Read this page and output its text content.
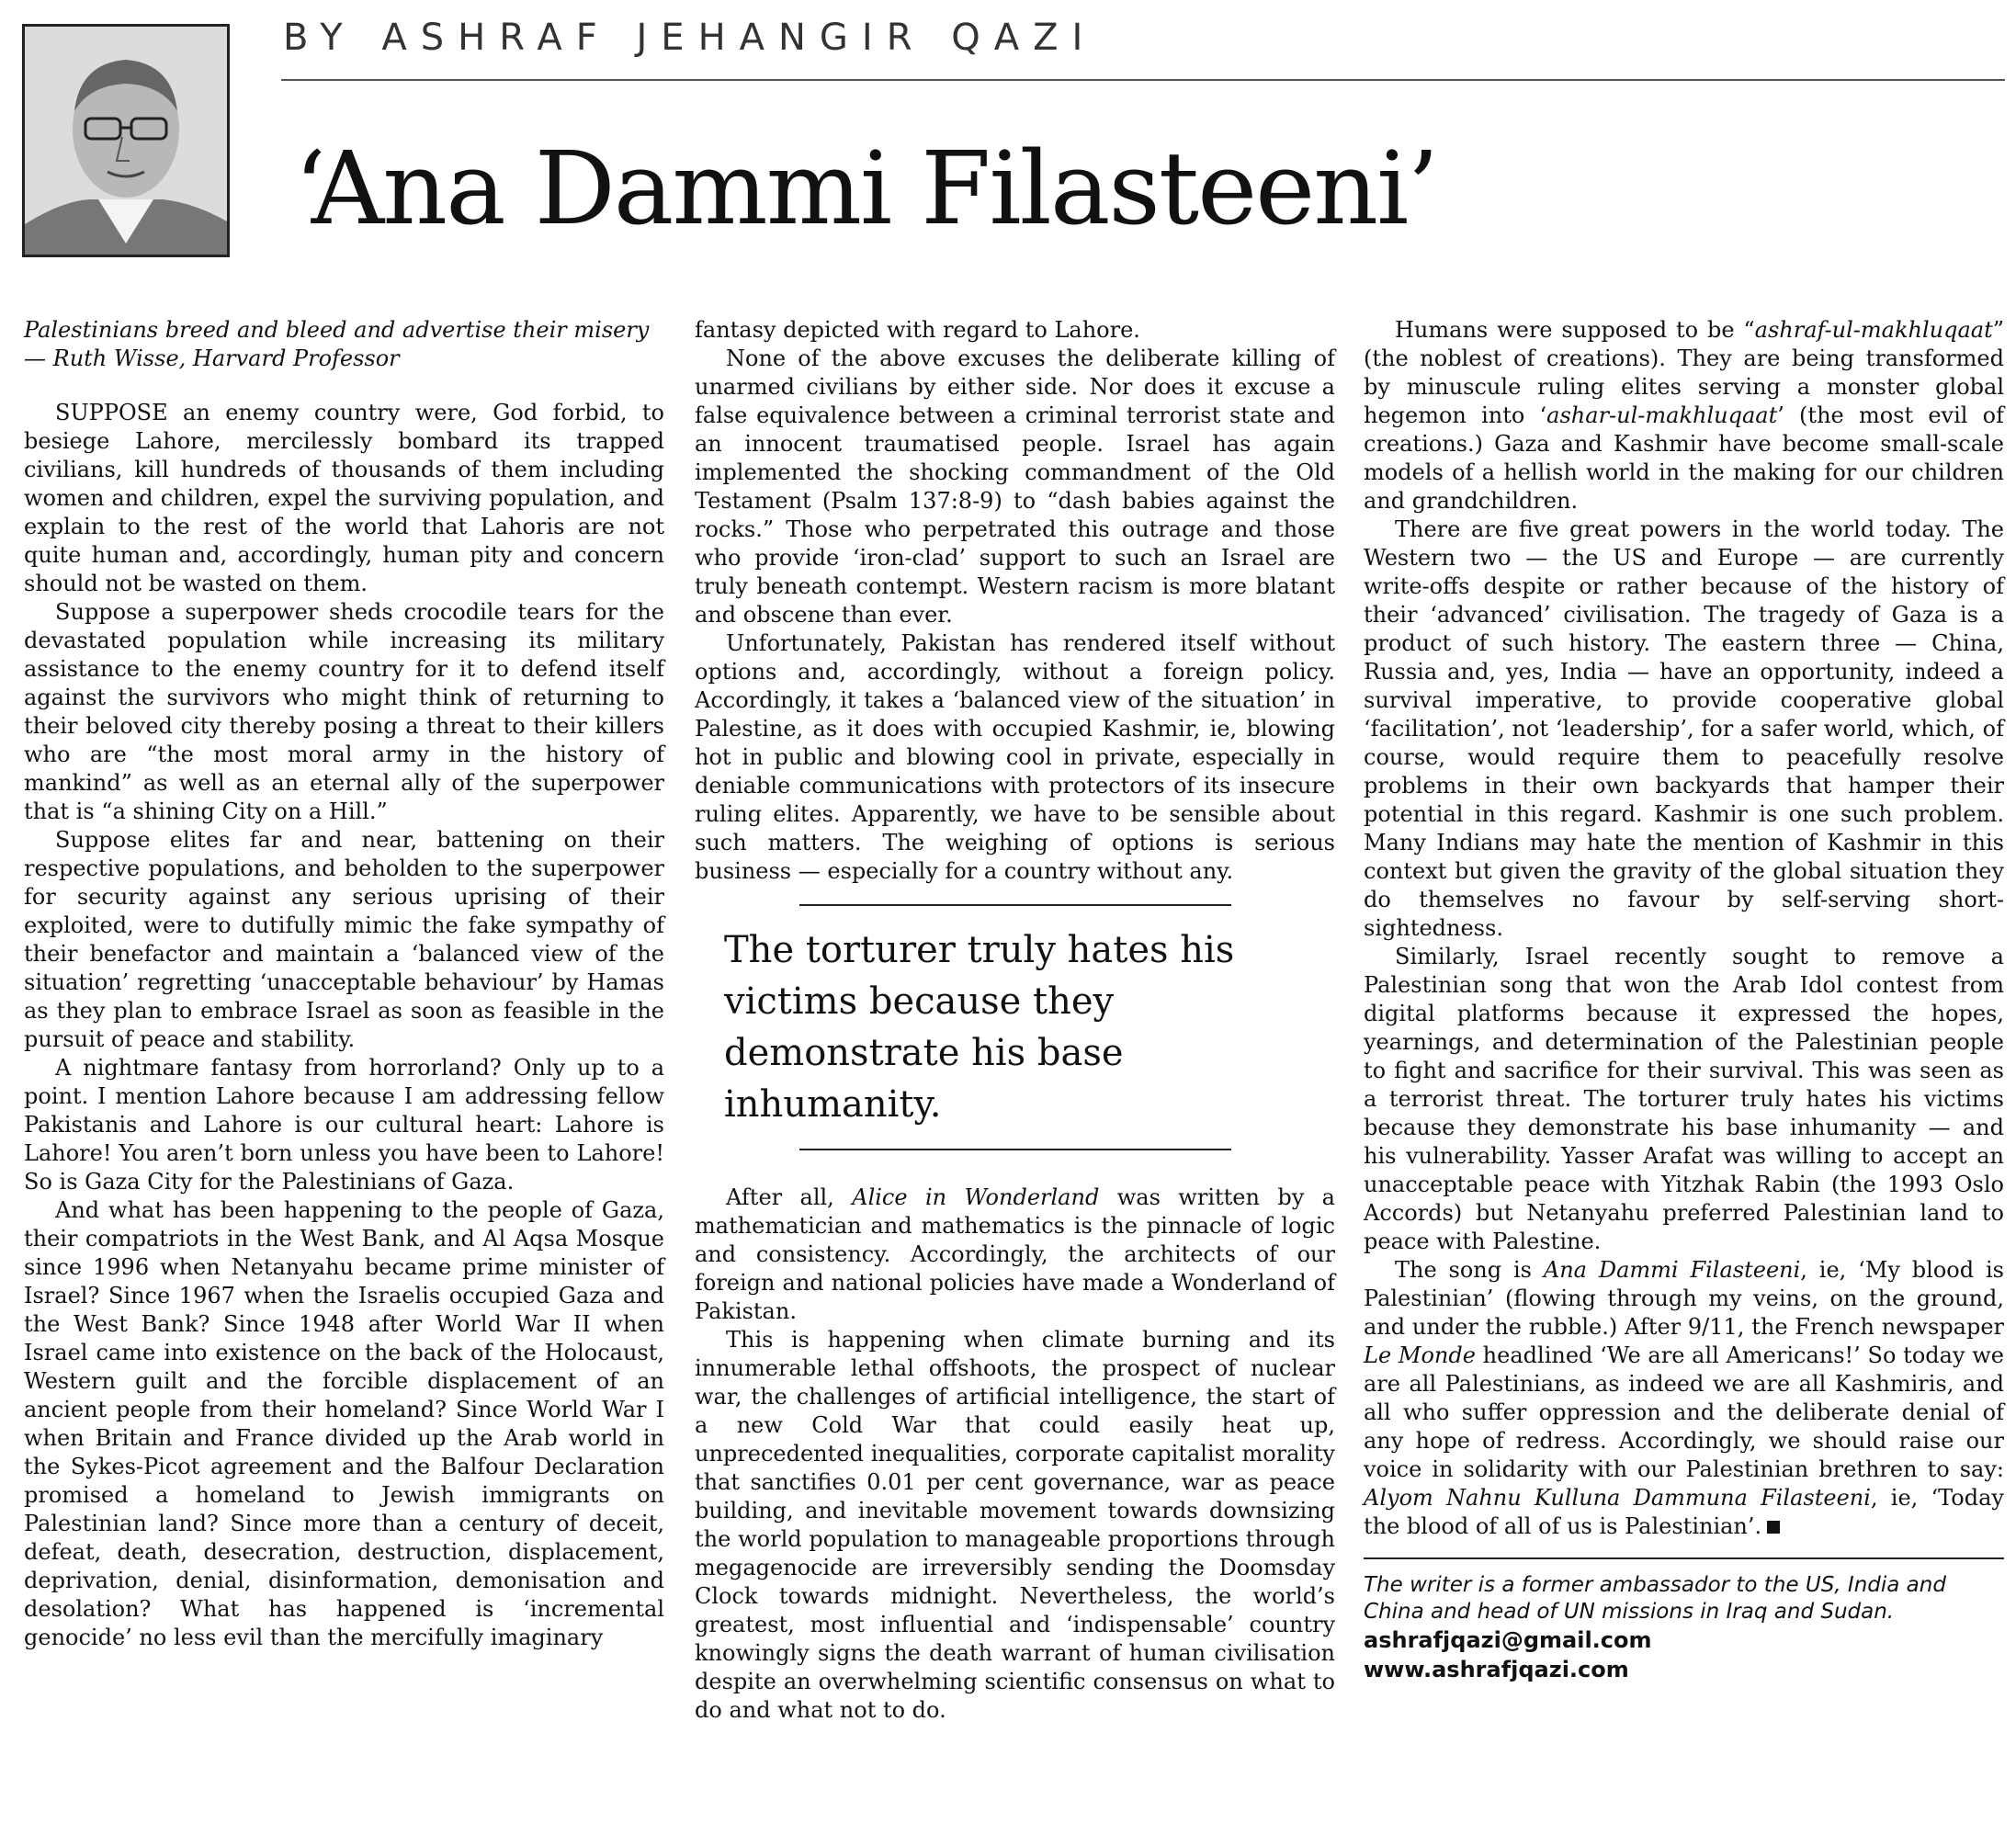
BY ASHRAF JEHANGIR QAZI
‘Ana Dammi Filasteeni’

Palestinians breed and bleed and advertise their misery — Ruth Wisse, Harvard Professor

SUPPOSE an enemy country were, God forbid, to besiege Lahore, mercilessly bombard its trapped civilians, kill hundreds of thousands of them including women and children, expel the surviving population, and explain to the rest of the world that Lahoris are not quite human and, accordingly, human pity and concern should not be wasted on them.

Suppose a superpower sheds crocodile tears for the devastated population while increasing its military assistance to the enemy country for it to defend itself against the survivors who might think of returning to their beloved city thereby posing a threat to their killers who are “the most moral army in the history of mankind” as well as an eternal ally of the superpower that is “a shining City on a Hill.”

Suppose elites far and near, battening on their respective populations, and beholden to the superpower for security against any serious uprising of their exploited, were to dutifully mimic the fake sympathy of their benefactor and maintain a ‘balanced view of the situation’ regretting ‘unacceptable behaviour’ by Hamas as they plan to embrace Israel as soon as feasible in the pursuit of peace and stability.

A nightmare fantasy from horrorland? Only up to a point. I mention Lahore because I am addressing fellow Pakistanis and Lahore is our cultural heart: Lahore is Lahore! You aren’t born unless you have been to Lahore! So is Gaza City for the Palestinians of Gaza.

And what has been happening to the people of Gaza, their compatriots in the West Bank, and Al Aqsa Mosque since 1996 when Netanyahu became prime minister of Israel? Since 1967 when the Israelis occupied Gaza and the West Bank? Since 1948 after World War II when Israel came into existence on the back of the Holocaust, Western guilt and the forcible displacement of an ancient people from their homeland? Since World War I when Britain and France divided up the Arab world in the Sykes-Picot agreement and the Balfour Declaration promised a homeland to Jewish immigrants on Palestinian land? Since more than a century of deceit, defeat, death, desecration, destruction, displacement, deprivation, denial, disinformation, demonisation and desolation? What has happened is ‘incremental genocide’ no less evil than the mercifully imaginary

fantasy depicted with regard to Lahore.

None of the above excuses the deliberate killing of unarmed civilians by either side. Nor does it excuse a false equivalence between a criminal terrorist state and an innocent traumatised people. Israel has again implemented the shocking commandment of the Old Testament (Psalm 137:8-9) to “dash babies against the rocks.” Those who perpetrated this outrage and those who provide ‘iron-clad’ support to such an Israel are truly beneath contempt. Western racism is more blatant and obscene than ever.

Unfortunately, Pakistan has rendered itself without options and, accordingly, without a foreign policy. Accordingly, it takes a ‘balanced view of the situation’ in Palestine, as it does with occupied Kashmir, ie, blowing hot in public and blowing cool in private, especially in deniable communications with protectors of its insecure ruling elites. Apparently, we have to be sensible about such matters. The weighing of options is serious business — especially for a country without any.

The torturer truly hates his victims because they demonstrate his base inhumanity.

After all, Alice in Wonderland was written by a mathematician and mathematics is the pinnacle of logic and consistency. Accordingly, the architects of our foreign and national policies have made a Wonderland of Pakistan.

This is happening when climate burning and its innumerable lethal offshoots, the prospect of nuclear war, the challenges of artificial intelligence, the start of a new Cold War that could easily heat up, unprecedented inequalities, corporate capitalist morality that sanctifies 0.01 per cent governance, war as peace building, and inevitable movement towards downsizing the world population to manageable proportions through megagenocide are irreversibly sending the Doomsday Clock towards midnight. Nevertheless, the world’s greatest, most influential and ‘indispensable’ country knowingly signs the death warrant of human civilisation despite an overwhelming scientific consensus on what to do and what not to do.

Humans were supposed to be “ashraf-ul-makhluqaat” (the noblest of creations). They are being transformed by minuscule ruling elites serving a monster global hegemon into ‘ashar-ul-makhluqaat’ (the most evil of creations.) Gaza and Kashmir have become small-scale models of a hellish world in the making for our children and grandchildren.

There are five great powers in the world today. The Western two — the US and Europe — are currently write-offs despite or rather because of the history of their ‘advanced’ civilisation. The tragedy of Gaza is a product of such history. The eastern three — China, Russia and, yes, India — have an opportunity, indeed a survival imperative, to provide cooperative global ‘facilitation’, not ‘leadership’, for a safer world, which, of course, would require them to peacefully resolve problems in their own backyards that hamper their potential in this regard. Kashmir is one such problem. Many Indians may hate the mention of Kashmir in this context but given the gravity of the global situation they do themselves no favour by self-serving short-sightedness.

Similarly, Israel recently sought to remove a Palestinian song that won the Arab Idol contest from digital platforms because it expressed the hopes, yearnings, and determination of the Palestinian people to fight and sacrifice for their survival. This was seen as a terrorist threat. The torturer truly hates his victims because they demonstrate his base inhumanity — and his vulnerability. Yasser Arafat was willing to accept an unacceptable peace with Yitzhak Rabin (the 1993 Oslo Accords) but Netanyahu preferred Palestinian land to peace with Palestine.

The song is Ana Dammi Filasteeni, ie, ‘My blood is Palestinian’ (flowing through my veins, on the ground, and under the rubble.) After 9/11, the French newspaper Le Monde headlined ‘We are all Americans!’ So today we are all Palestinians, as indeed we are all Kashmiris, and all who suffer oppression and the deliberate denial of any hope of redress. Accordingly, we should raise our voice in solidarity with our Palestinian brethren to say: Alyom Nahnu Kulluna Dammuna Filasteeni, ie, ‘Today the blood of all of us is Palestinian’.

The writer is a former ambassador to the US, India and China and head of UN missions in Iraq and Sudan.
ashrafjqazi@gmail.com
www.ashrafjqazi.com
